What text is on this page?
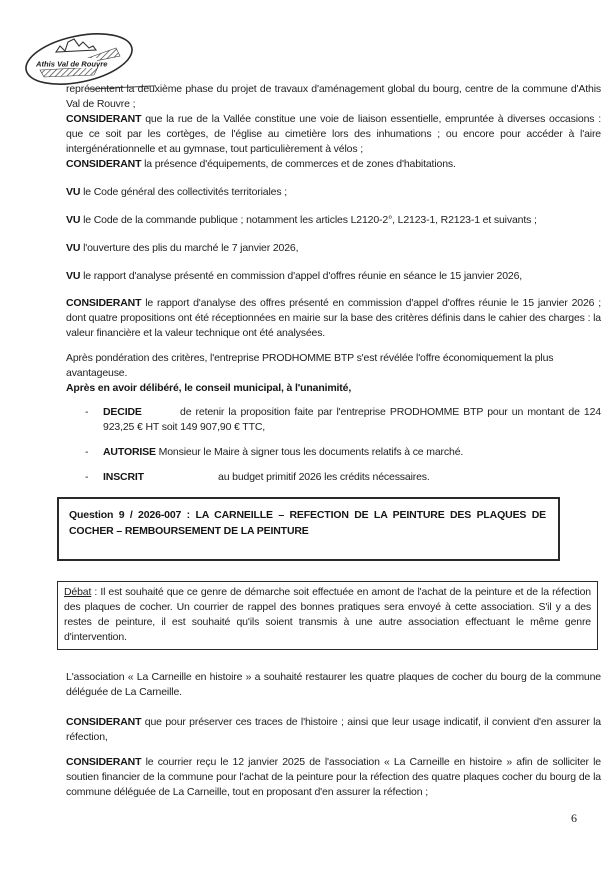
Athis Val de Rouvre

représentent la deuxième phase du projet de travaux d'aménagement global du bourg, centre de la commune d'Athis Val de Rouvre ;

CONSIDERANT que la rue de la Vallée constitue une voie de liaison essentielle, empruntée à diverses occasions : que ce soit par les cortèges, de l'église au cimetière lors des inhumations ; ou encore pour accéder à l'aire intergénérationnelle et au gymnase, tout particulièrement à vélos ;

CONSIDERANT la présence d'équipements, de commerces et de zones d'habitations.

VU le Code général des collectivités territoriales ;

VU le Code de la commande publique ; notamment les articles L2120-2°, L2123-1, R2123-1 et suivants ;

VU l'ouverture des plis du marché le 7 janvier 2026,

VU le rapport d'analyse présenté en commission d'appel d'offres réunie en séance le 15 janvier 2026,

CONSIDERANT le rapport d'analyse des offres présenté en commission d'appel d'offres réunie le 15 janvier 2026 ; dont quatre propositions ont été réceptionnées en mairie sur la base des critères définis dans le cahier des charges : la valeur financière et la valeur technique ont été analysées.

Après pondération des critères, l'entreprise PRODHOMME BTP s'est révélée l'offre économiquement la plus avantageuse.

Après en avoir délibéré, le conseil municipal, à l'unanimité,

- DECIDE	de retenir la proposition faite par l'entreprise PRODHOMME BTP pour un montant de 124 923,25 € HT soit 149 907,90 € TTC,
- AUTORISE Monsieur le Maire à signer tous les documents relatifs à ce marché.
- INSCRIT	au budget primitif 2026 les crédits nécessaires.
Question 9 / 2026-007 : LA CARNEILLE – REFECTION DE LA PEINTURE DES PLAQUES DE COCHER – REMBOURSEMENT DE LA PEINTURE
Débat : Il est souhaité que ce genre de démarche soit effectuée en amont de l'achat de la peinture et de la réfection des plaques de cocher. Un courrier de rappel des bonnes pratiques sera envoyé à cette association. S'il y a des restes de peinture, il est souhaité qu'ils soient transmis à une autre association effectuant le même genre d'intervention.

L'association « La Carneille en histoire » a souhaité restaurer les quatre plaques de cocher du bourg de la commune déléguée de La Carneille.

CONSIDERANT que pour préserver ces traces de l'histoire ; ainsi que leur usage indicatif, il convient d'en assurer la réfection,

CONSIDERANT le courrier reçu le 12 janvier 2025 de l'association « La Carneille en histoire » afin de solliciter le soutien financier de la commune pour l'achat de la peinture pour la réfection des quatre plaques cocher du bourg de la commune déléguée de La Carneille, tout en proposant d'en assurer la réfection ;

6
